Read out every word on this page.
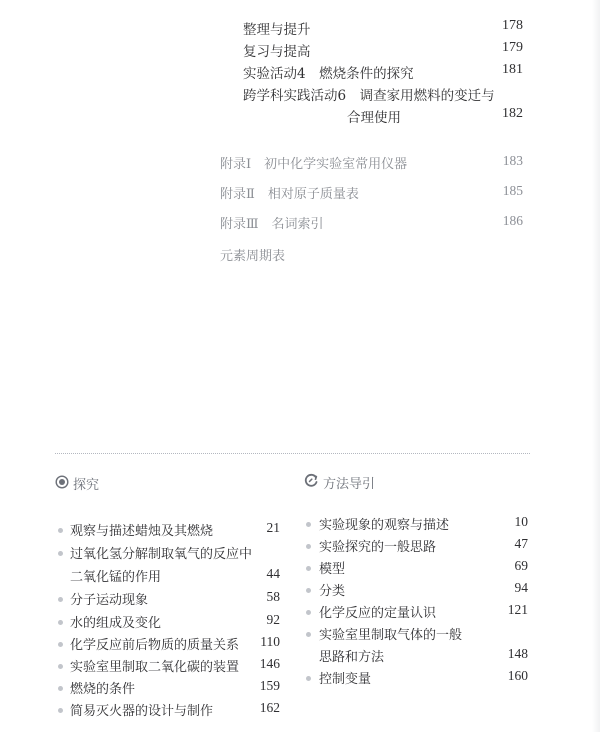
整理与提升	178
复习与提高	179
实验活动4　燃烧条件的探究	181
跨学科实践活动6　调查家用燃料的变迁与
合理使用	182
附录Ⅰ　初中化学实验室常用仪器	183
附录Ⅱ　相对原子质量表	185
附录Ⅲ　名词索引	186
元素周期表
探究	方法导引
观察与描述蜡烛及其燃烧	21
过氧化氢分解制取氧气的反应中
二氧化锰的作用	44
分子运动现象	58
水的组成及变化	92
化学反应前后物质的质量关系	110
实验室里制取二氧化碳的装置	146
燃烧的条件	159
简易灭火器的设计与制作	162
实验现象的观察与描述	10
实验探究的一般思路	47
模型	69
分类	94
化学反应的定量认识	121
实验室里制取气体的一般
思路和方法	148
控制变量	160
